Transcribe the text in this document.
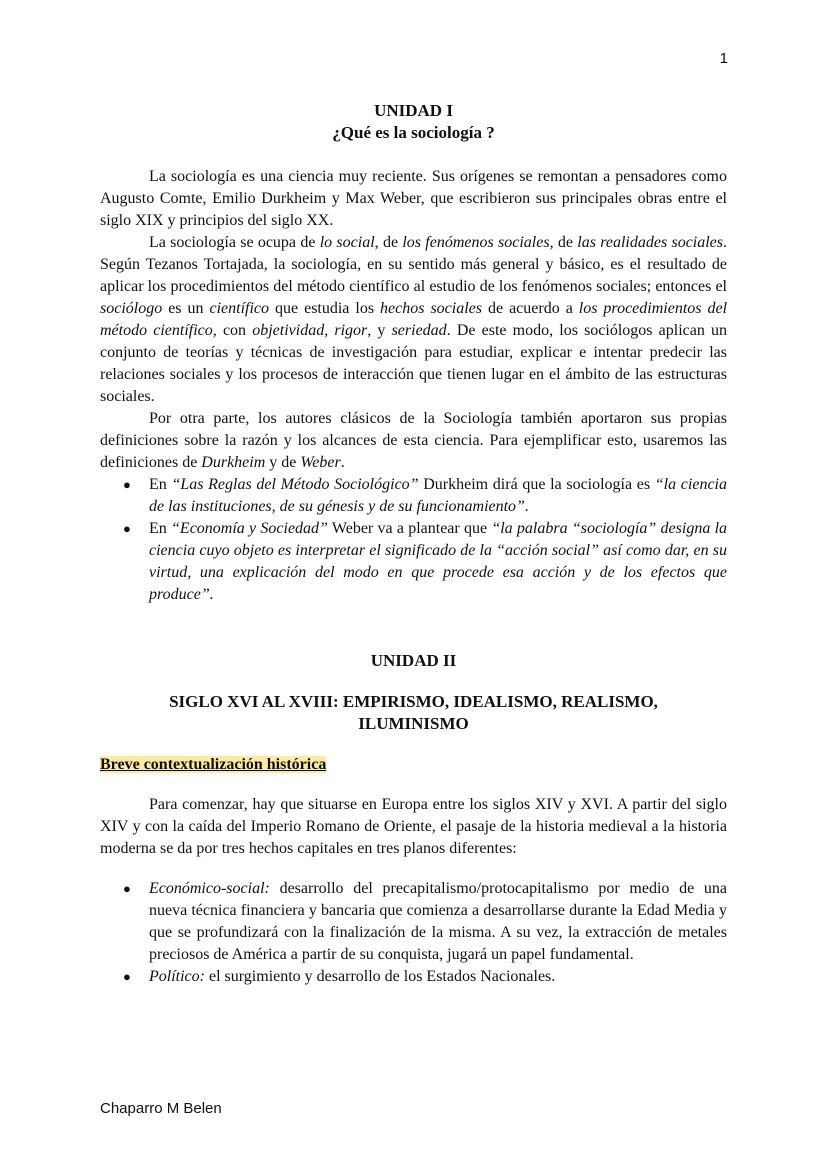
1
UNIDAD I
¿Qué es la sociología ?

La sociología es una ciencia muy reciente. Sus orígenes se remontan a pensadores como Augusto Comte, Emilio Durkheim y Max Weber, que escribieron sus principales obras entre el siglo XIX y principios del siglo XX.

La sociología se ocupa de lo social, de los fenómenos sociales, de las realidades sociales. Según Tezanos Tortajada, la sociología, en su sentido más general y básico, es el resultado de aplicar los procedimientos del método científico al estudio de los fenómenos sociales; entonces el sociólogo es un científico que estudia los hechos sociales de acuerdo a los procedimientos del método científico, con objetividad, rigor, y seriedad. De este modo, los sociólogos aplican un conjunto de teorías y técnicas de investigación para estudiar, explicar e intentar predecir las relaciones sociales y los procesos de interacción que tienen lugar en el ámbito de las estructuras sociales.

Por otra parte, los autores clásicos de la Sociología también aportaron sus propias definiciones sobre la razón y los alcances de esta ciencia. Para ejemplificar esto, usaremos las definiciones de Durkheim y de Weber.

● En “Las Reglas del Método Sociológico” Durkheim dirá que la sociología es “la ciencia de las instituciones, de su génesis y de su funcionamiento”.
● En “Economía y Sociedad” Weber va a plantear que “la palabra “sociología” designa la ciencia cuyo objeto es interpretar el significado de la “acción social” así como dar, en su virtud, una explicación del modo en que procede esa acción y de los efectos que produce”.
UNIDAD II
SIGLO XVI AL XVIII: EMPIRISMO, IDEALISMO, REALISMO, ILUMINISMO

Breve contextualización histórica

Para comenzar, hay que situarse en Europa entre los siglos XIV y XVI. A partir del siglo XIV y con la caída del Imperio Romano de Oriente, el pasaje de la historia medieval a la historia moderna se da por tres hechos capitales en tres planos diferentes:

● Económico-social: desarrollo del precapitalismo/protocapitalismo por medio de una nueva técnica financiera y bancaria que comienza a desarrollarse durante la Edad Media y que se profundizará con la finalización de la misma. A su vez, la extracción de metales preciosos de América a partir de su conquista, jugará un papel fundamental.
● Político: el surgimiento y desarrollo de los Estados Nacionales.
Chaparro M Belen
